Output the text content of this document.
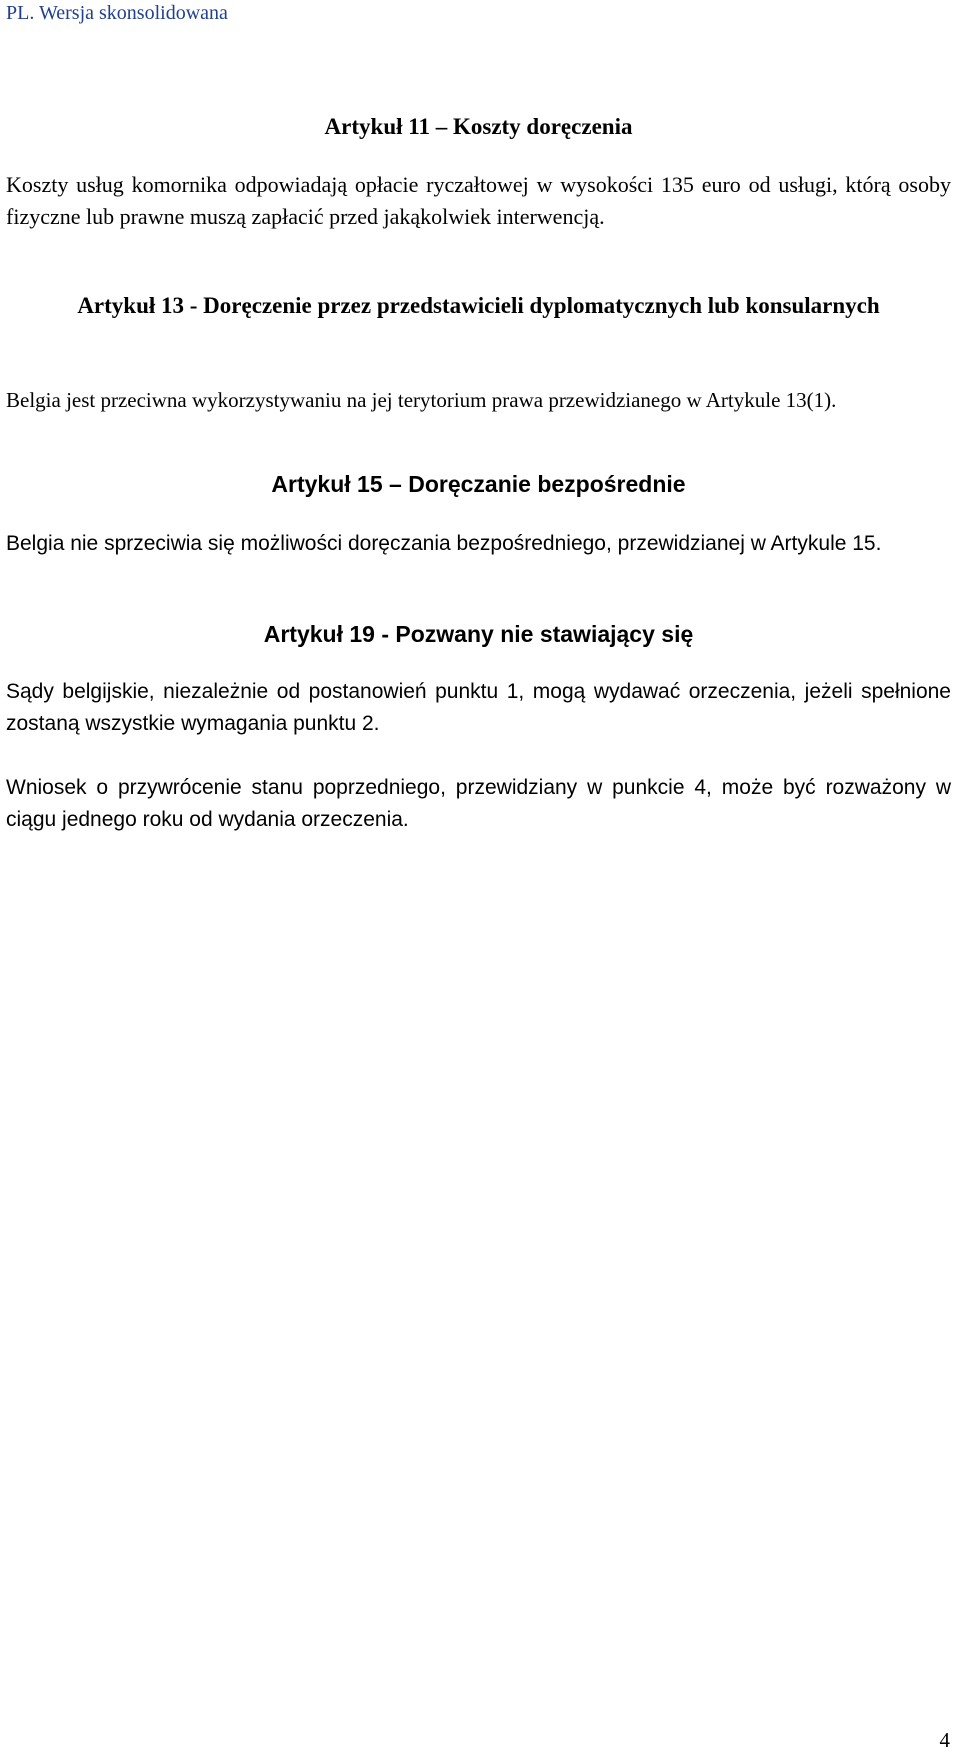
PL. Wersja skonsolidowana
Artykuł 11 – Koszty doręczenia
Koszty usług komornika odpowiadają opłacie ryczałtowej w wysokości 135 euro od usługi, którą osoby fizyczne lub prawne muszą zapłacić przed jakąkolwiek interwencją.
Artykuł 13 - Doręczenie przez przedstawicieli dyplomatycznych lub konsularnych
Belgia jest przeciwna wykorzystywaniu na jej terytorium prawa przewidzianego w Artykule 13(1).
Artykuł 15 – Doręczanie bezpośrednie
Belgia nie sprzeciwia się możliwości doręczania bezpośredniego, przewidzianej w Artykule 15.
Artykuł 19 - Pozwany nie stawiający się
Sądy belgijskie, niezależnie od postanowień punktu 1, mogą wydawać orzeczenia, jeżeli spełnione zostaną wszystkie wymagania punktu 2.
Wniosek o przywrócenie stanu poprzedniego, przewidziany w punkcie 4, może być rozważony w ciągu jednego roku od wydania orzeczenia.
4
